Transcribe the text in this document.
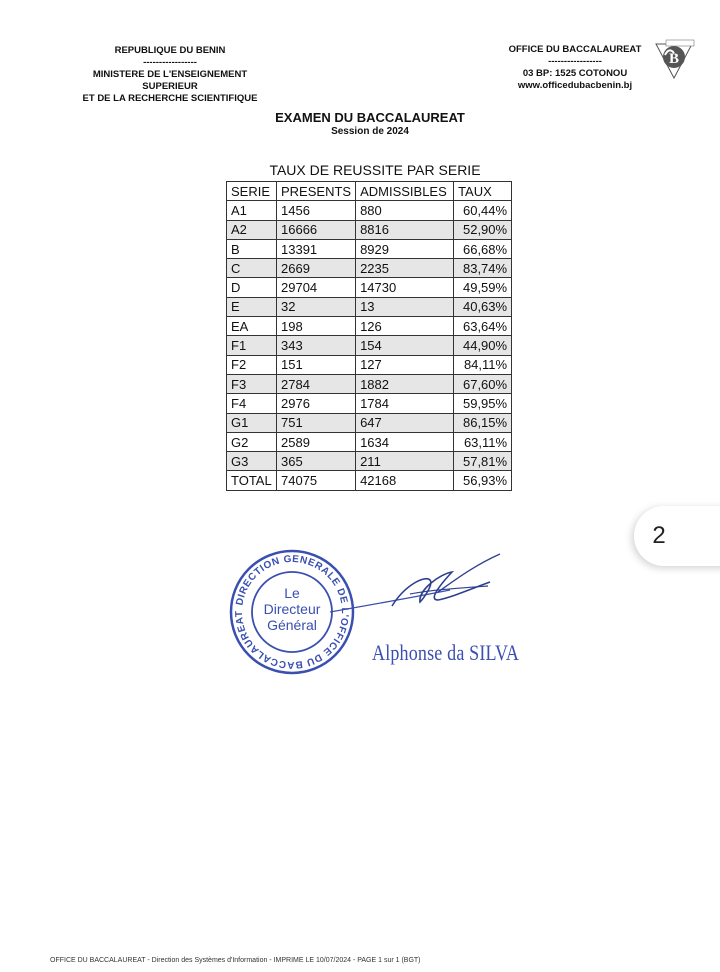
REPUBLIQUE DU BENIN
-----------------
MINISTERE DE L'ENSEIGNEMENT
SUPERIEUR
ET DE LA RECHERCHE SCIENTIFIQUE
OFFICE DU BACCALAUREAT
-----------------
03 BP: 1525 COTONOU
www.officedubacbenin.bj
B
EXAMEN DU BACCALAUREAT
Session de 2024
TAUX DE REUSSITE PAR SERIE
SERIE	PRESENTS	ADMISSIBLES	TAUX
A1	1456	880	60,44%
A2	16666	8816	52,90%
B	13391	8929	66,68%
C	2669	2235	83,74%
D	29704	14730	49,59%
E	32	13	40,63%
EA	198	126	63,64%
F1	343	154	44,90%
F2	151	127	84,11%
F3	2784	1882	67,60%
F4	2976	1784	59,95%
G1	751	647	86,15%
G2	2589	1634	63,11%
G3	365	211	57,81%
TOTAL	74075	42168	56,93%
2
DIRECTION GENERALE DE L'OFFICE DU BACCALAUREAT
Le
Directeur
Général
Alphonse da SILVA
OFFICE DU BACCALAUREAT - Direction des Systèmes d'Information - IMPRIME LE 10/07/2024 - PAGE 1 sur 1 (BGT)
